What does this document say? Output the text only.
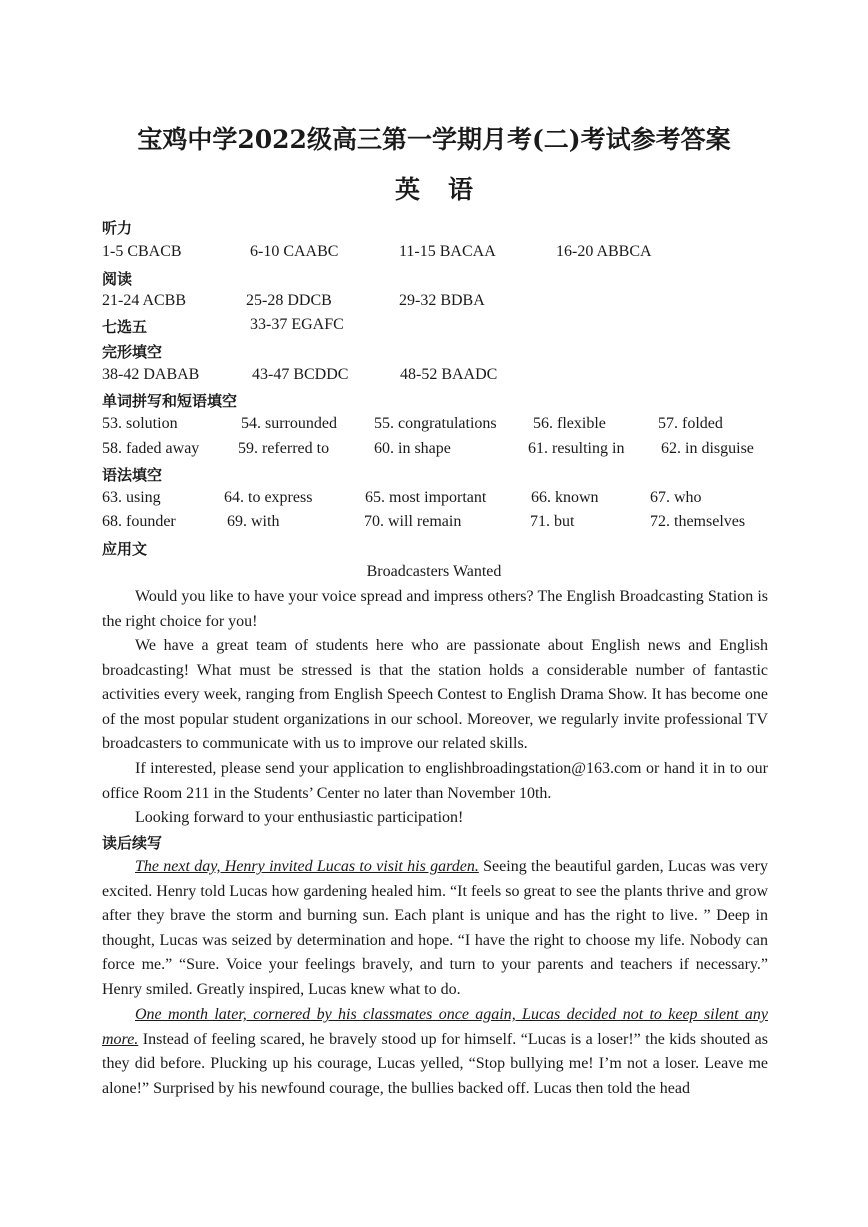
宝鸡中学2022级高三第一学期月考(二)考试参考答案
英 语
听力
1-5 CBACB	6-10 CAABC	11-15 BACAA	16-20 ABBCA
阅读
21-24 ACBB	25-28 DDCB	29-32 BDBA
七选五	33-37 EGAFC
完形填空
38-42 DABAB	43-47 BCDDC	48-52 BAADC
单词拼写和短语填空
53. solution	54. surrounded 55. congratulations 56. flexible	57. folded
58. faded away 59. referred to	60. in shape	61. resulting in 62. in disguise
语法填空
63. using	64. to express	65. most important	66. known	67. who
68. founder	69. with	70. will remain	71. but	72. themselves
应用文
Broadcasters Wanted

Would you like to have your voice spread and impress others? The English Broadcasting Station is the right choice for you!

We have a great team of students here who are passionate about English news and English broadcasting! What must be stressed is that the station holds a considerable number of fantastic activities every week, ranging from English Speech Contest to English Drama Show. It has become one of the most popular student organizations in our school. Moreover, we regularly invite professional TV broadcasters to communicate with us to improve our related skills.

If interested, please send your application to englishbroadingstation@163.com or hand it in to our office Room 211 in the Students’ Center no later than November 10th.

Looking forward to your enthusiastic participation!

读后续写

The next day, Henry invited Lucas to visit his garden. Seeing the beautiful garden, Lucas was very excited. Henry told Lucas how gardening healed him. “It feels so great to see the plants thrive and grow after they brave the storm and burning sun. Each plant is unique and has the right to live. ” Deep in thought, Lucas was seized by determination and hope. “I have the right to choose my life. Nobody can force me.” “Sure. Voice your feelings bravely, and turn to your parents and teachers if necessary.” Henry smiled. Greatly inspired, Lucas knew what to do.

One month later, cornered by his classmates once again, Lucas decided not to keep silent any more. Instead of feeling scared, he bravely stood up for himself. “Lucas is a loser!” the kids shouted as they did before. Plucking up his courage, Lucas yelled, “Stop bullying me! I’m not a loser. Leave me alone!” Surprised by his newfound courage, the bullies backed off. Lucas then told the head
